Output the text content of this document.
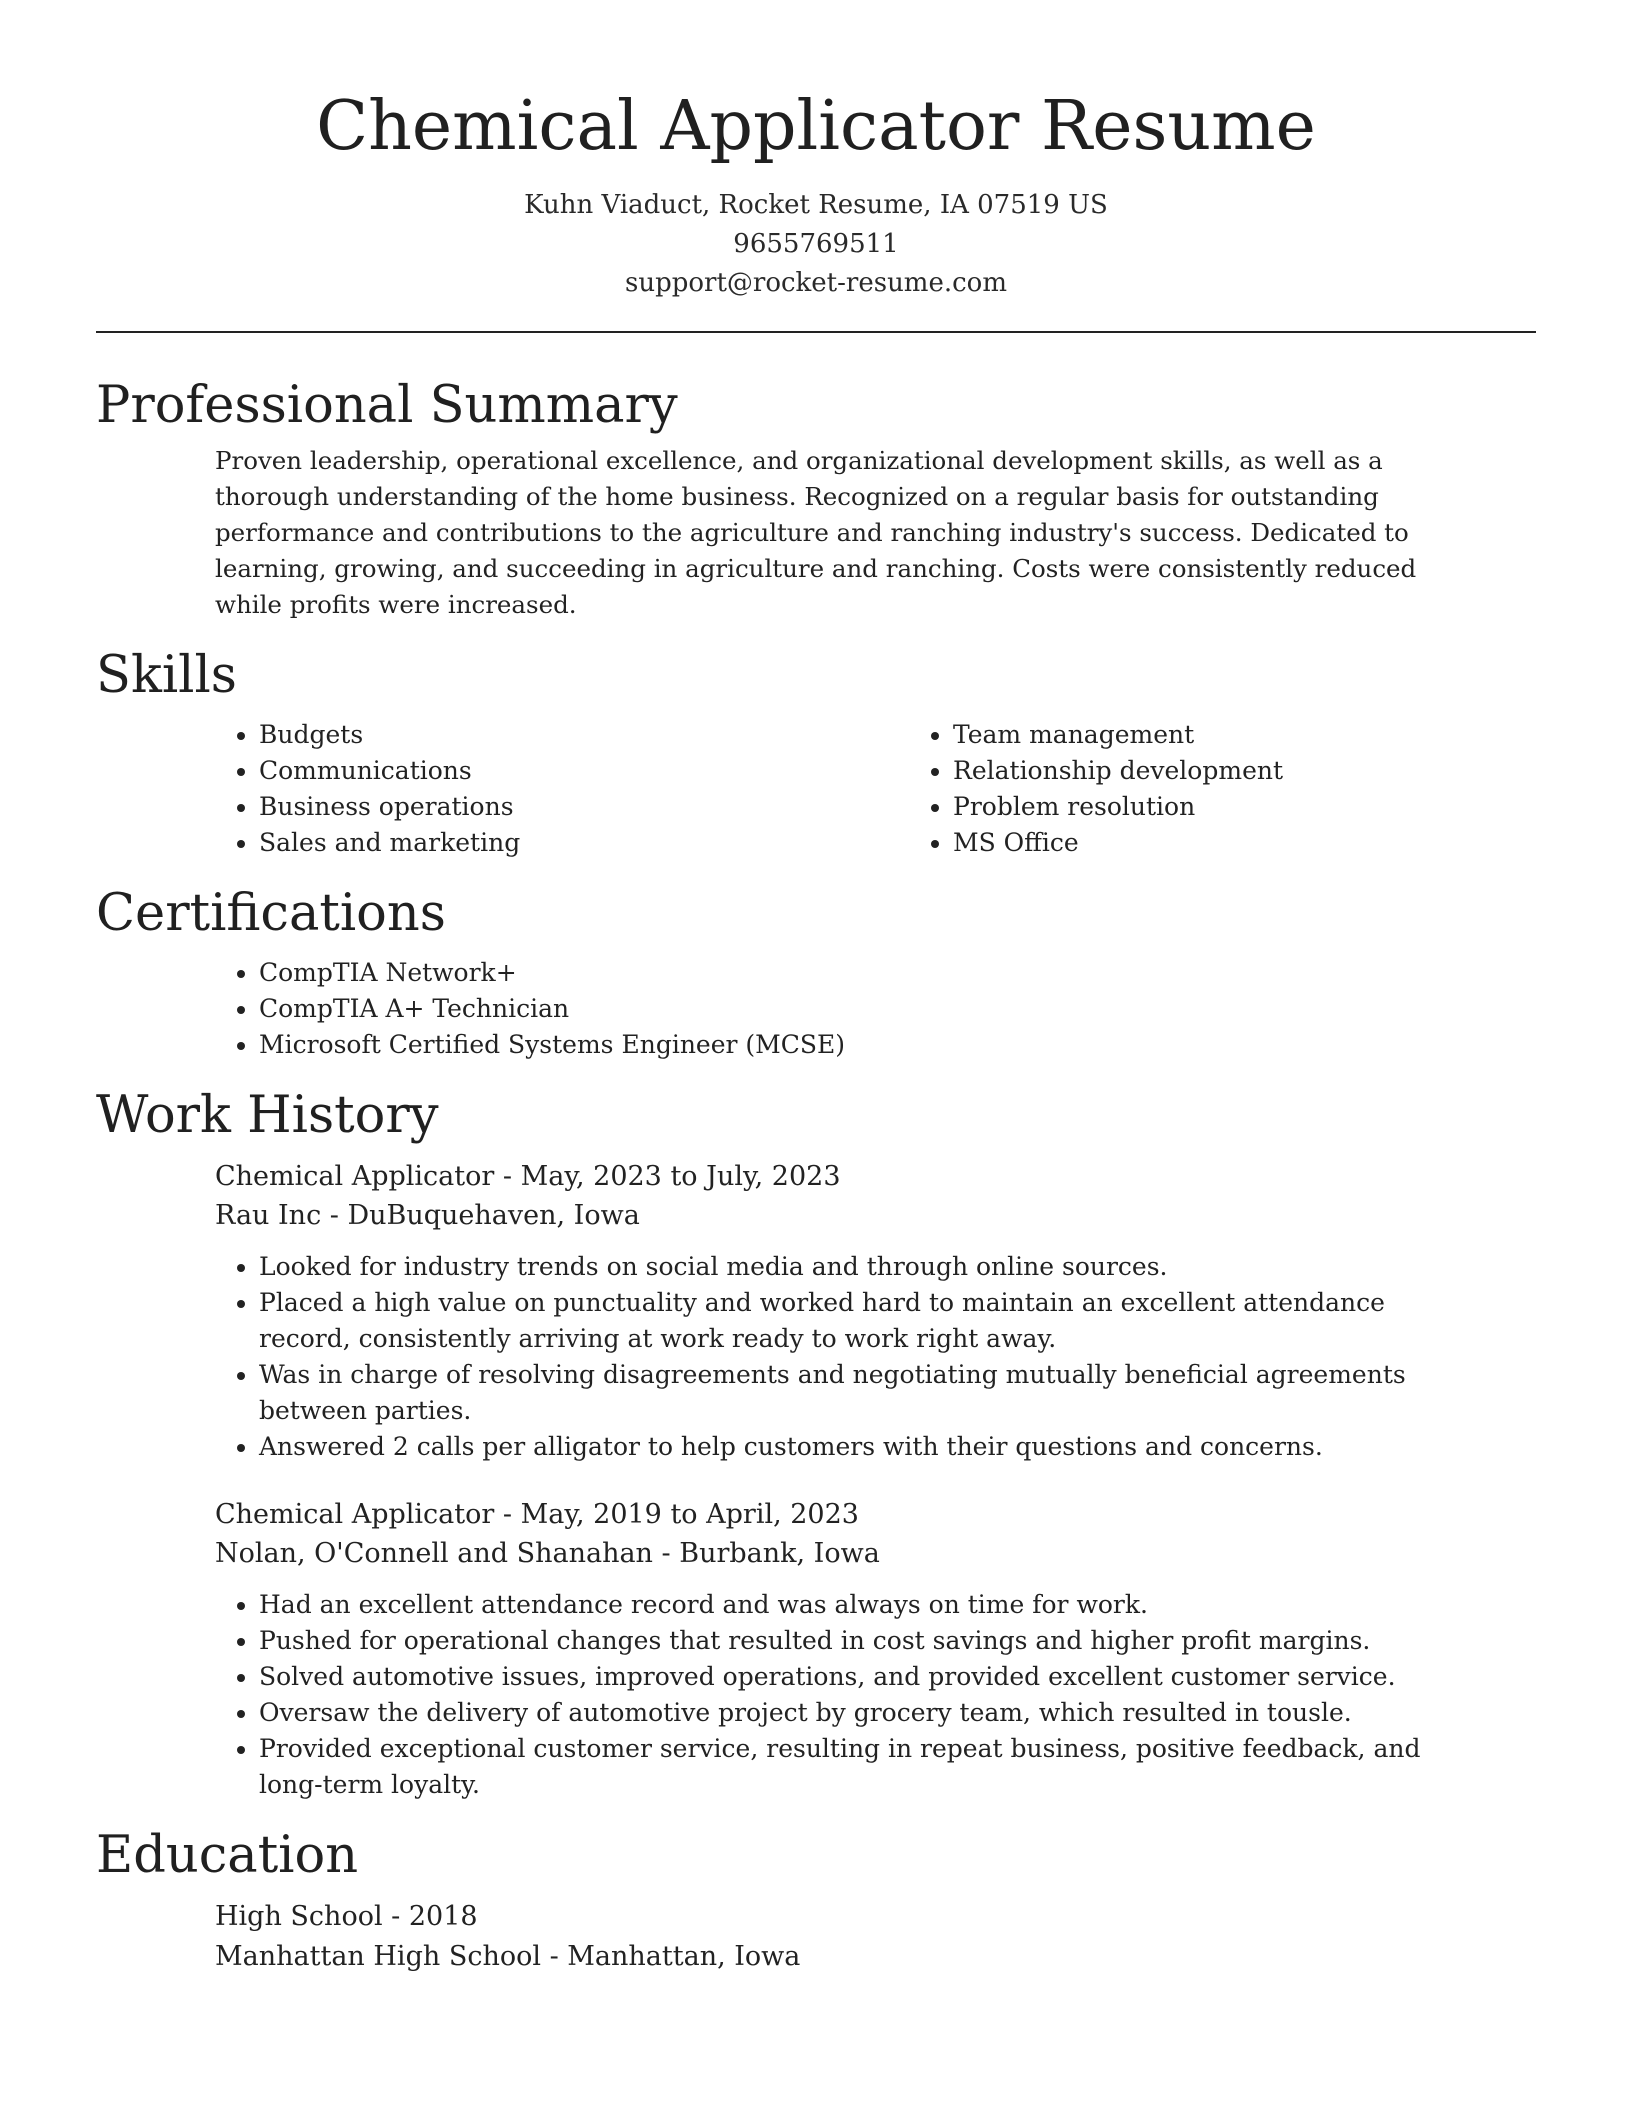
Chemical Applicator Resume
Kuhn Viaduct, Rocket Resume, IA 07519 US
9655769511
support@rocket-resume.com
Professional Summary

Proven leadership, operational excellence, and organizational development skills, as well as a thorough understanding of the home business. Recognized on a regular basis for outstanding performance and contributions to the agriculture and ranching industry's success. Dedicated to learning, growing, and succeeding in agriculture and ranching. Costs were consistently reduced while profits were increased.

Skills
• Budgets
• Communications
• Business operations
• Sales and marketing
• Team management
• Relationship development
• Problem resolution
• MS Office
Certifications
• CompTIA Network+
• CompTIA A+ Technician
• Microsoft Certified Systems Engineer (MCSE)
Work History
Chemical Applicator - May, 2023 to July, 2023
Rau Inc - DuBuquehaven, Iowa
• Looked for industry trends on social media and through online sources.
• Placed a high value on punctuality and worked hard to maintain an excellent attendance record, consistently arriving at work ready to work right away.
• Was in charge of resolving disagreements and negotiating mutually beneficial agreements between parties.
• Answered 2 calls per alligator to help customers with their questions and concerns.
Chemical Applicator - May, 2019 to April, 2023
Nolan, O'Connell and Shanahan - Burbank, Iowa
• Had an excellent attendance record and was always on time for work.
• Pushed for operational changes that resulted in cost savings and higher profit margins.
• Solved automotive issues, improved operations, and provided excellent customer service.
• Oversaw the delivery of automotive project by grocery team, which resulted in tousle.
• Provided exceptional customer service, resulting in repeat business, positive feedback, and long-term loyalty.
Education
High School - 2018
Manhattan High School - Manhattan, Iowa
